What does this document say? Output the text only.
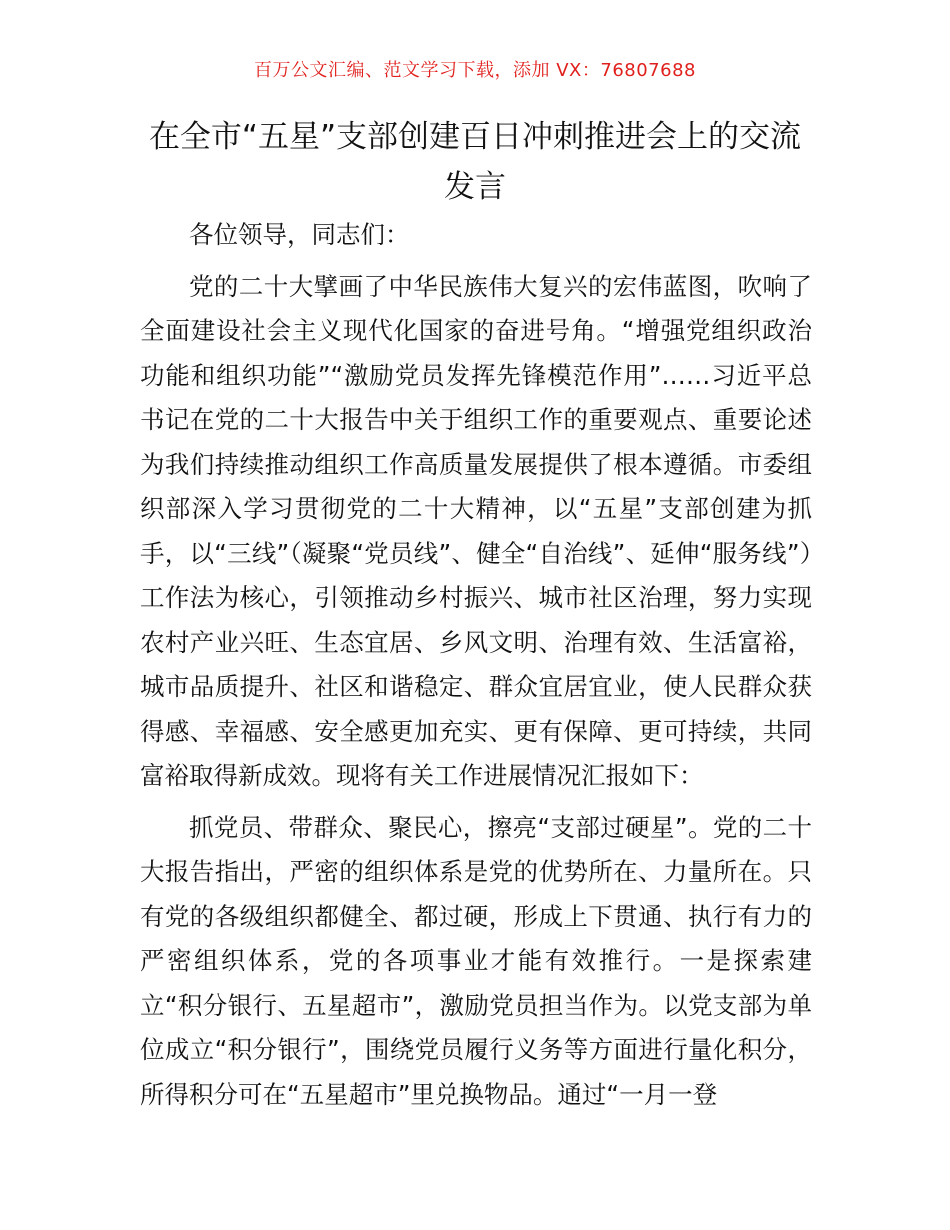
百万公文汇编、范文学习下载，添加 VX：76807688
在全市“五星”支部创建百日冲刺推进会上的交流发言

各位领导，同志们：

党的二十大擘画了中华民族伟大复兴的宏伟蓝图，吹响了全面建设社会主义现代化国家的奋进号角。“增强党组织政治功能和组织功能”“激励党员发挥先锋模范作用”……习近平总书记在党的二十大报告中关于组织工作的重要观点、重要论述为我们持续推动组织工作高质量发展提供了根本遵循。市委组织部深入学习贯彻党的二十大精神，以“五星”支部创建为抓手，以“三线”（凝聚“党员线”、健全“自治线”、延伸“服务线”）工作法为核心，引领推动乡村振兴、城市社区治理，努力实现农村产业兴旺、生态宜居、乡风文明、治理有效、生活富裕，城市品质提升、社区和谐稳定、群众宜居宜业，使人民群众获得感、幸福感、安全感更加充实、更有保障、更可持续，共同富裕取得新成效。现将有关工作进展情况汇报如下：

抓党员、带群众、聚民心，擦亮“支部过硬星”。党的二十大报告指出，严密的组织体系是党的优势所在、力量所在。只有党的各级组织都健全、都过硬，形成上下贯通、执行有力的严密组织体系，党的各项事业才能有效推行。一是探索建立“积分银行、五星超市”，激励党员担当作为。以党支部为单位成立“积分银行”，围绕党员履行义务等方面进行量化积分，所得积分可在“五星超市”里兑换物品。通过“一月一登
